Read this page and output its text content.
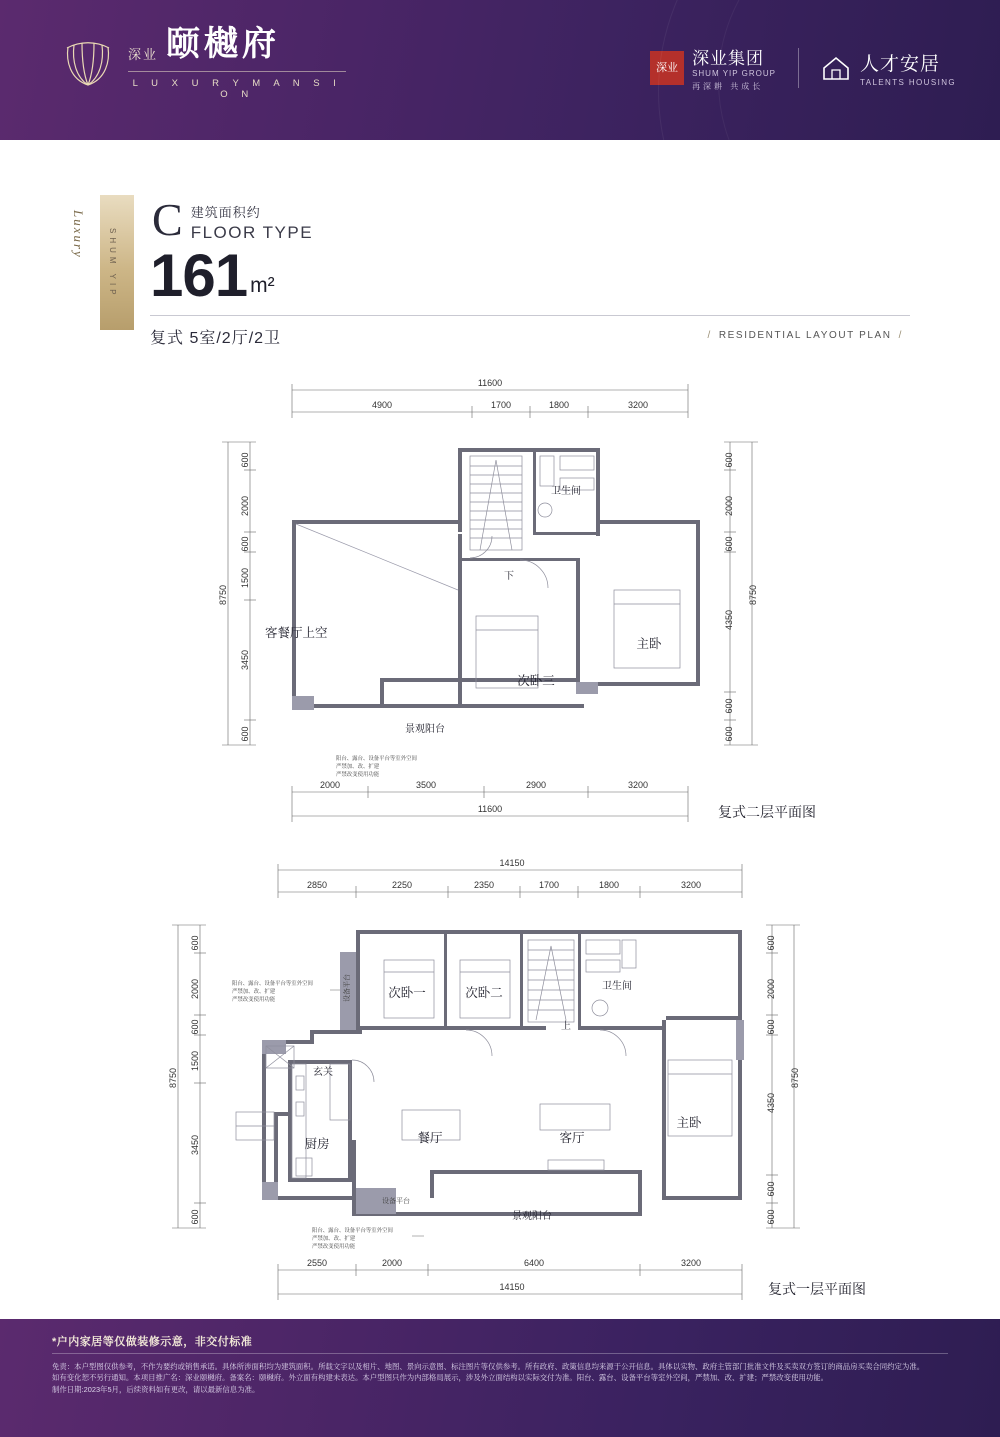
深业 颐樾府
L U X U R Y M A N S I O N
深业 深业集团
SHUM YIP GROUP
再深耕 共成长
人才安居
TALENTS HOUSING
Luxury	SHUM YIP
C 建筑面积约
FLOOR TYPE
161 m²
复式 5室/2厅/2卫	/ RESIDENTIAL LAYOUT PLAN /
11600
4900	1700	1800	3200
600
2000
600
1500
3450
600
8750
600
2000
600
4350
600
600
8750
卫生间
下
客餐厅上空
次卧三
主卧
景观阳台
阳台、露台、设备平台等室外空间
严禁加、改、扩建
严禁改变使用功能
2000	3500	2900	3200
11600	复式二层平面图
14150
2850	2250	2350	1700	1800	3200
600
2000
600
1500
3450
600
8750
600
2000
600
4350
600
600
8750
次卧一	次卧二	卫生间
上
玄关
厨房	餐厅	客厅
主卧
景观阳台
设备平台
设备平台
阳台、露台、设备平台等室外空间
严禁加、改、扩建
严禁改变使用功能
阳台、露台、设备平台等室外空间
严禁加、改、扩建
严禁改变使用功能
2550	2000	6400	3200
14150	复式一层平面图
*户内家居等仅做装修示意，非交付标准
免责：本户型图仅供参考，不作为要约或销售承诺。具体所涉面积均为建筑面积。所载文字以及相片、地图、景向示意图、标注图片等仅供参考。所有政府、政策信息均来源于公开信息。具体以实物、政府主管部门批准文件及买卖双方签订的商品房买卖合同约定为准。
如有变化恕不另行通知。本项目推广名：深业颐樾府。备案名：颐樾府。外立面有构建未表达。本户型图只作为内部格局展示，涉及外立面结构以实际交付为准。阳台、露台、设备平台等室外空间，严禁加、改、扩建；严禁改变使用功能。
制作日期:2023年5月，后续资料如有更改，请以最新信息为准。
